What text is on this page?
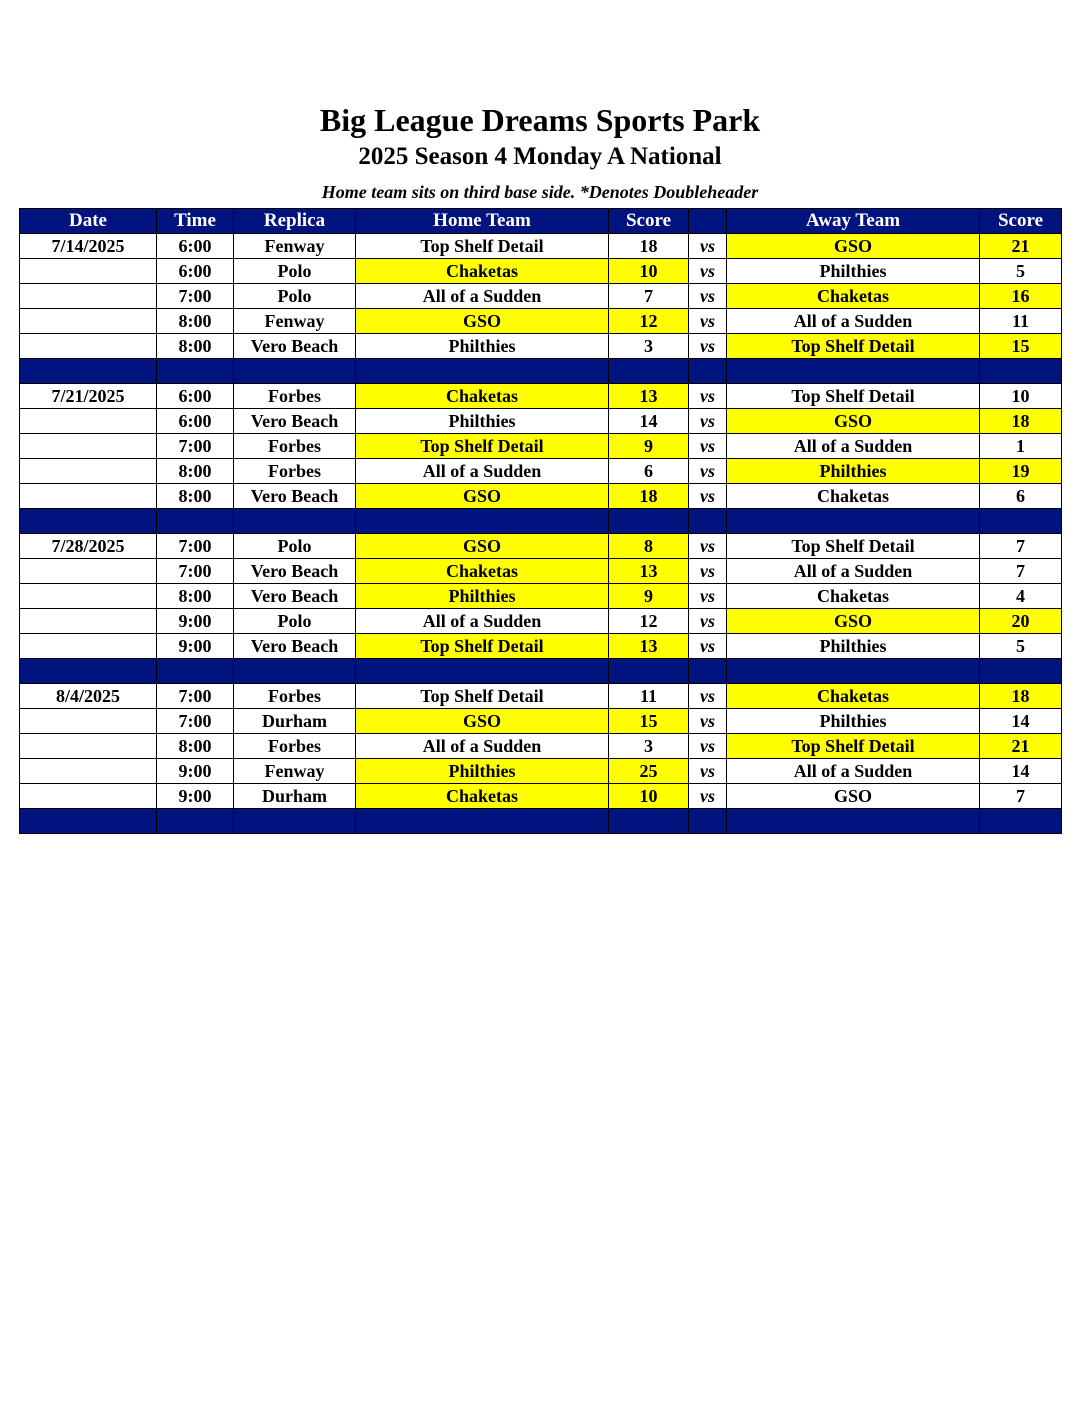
Big League Dreams Sports Park
2025 Season 4 Monday A National
Home team sits on third base side. *Denotes Doubleheader
Date	Time	Replica	Home Team	Score		Away Team	Score
7/14/2025	6:00	Fenway	Top Shelf Detail	18	vs	GSO	21
	6:00	Polo	Chaketas	10	vs	Philthies	5
	7:00	Polo	All of a Sudden	7	vs	Chaketas	16
	8:00	Fenway	GSO	12	vs	All of a Sudden	11
	8:00	Vero Beach	Philthies	3	vs	Top Shelf Detail	15

7/21/2025	6:00	Forbes	Chaketas	13	vs	Top Shelf Detail	10
	6:00	Vero Beach	Philthies	14	vs	GSO	18
	7:00	Forbes	Top Shelf Detail	9	vs	All of a Sudden	1
	8:00	Forbes	All of a Sudden	6	vs	Philthies	19
	8:00	Vero Beach	GSO	18	vs	Chaketas	6

7/28/2025	7:00	Polo	GSO	8	vs	Top Shelf Detail	7
	7:00	Vero Beach	Chaketas	13	vs	All of a Sudden	7
	8:00	Vero Beach	Philthies	9	vs	Chaketas	4
	9:00	Polo	All of a Sudden	12	vs	GSO	20
	9:00	Vero Beach	Top Shelf Detail	13	vs	Philthies	5

8/4/2025	7:00	Forbes	Top Shelf Detail	11	vs	Chaketas	18
	7:00	Durham	GSO	15	vs	Philthies	14
	8:00	Forbes	All of a Sudden	3	vs	Top Shelf Detail	21
	9:00	Fenway	Philthies	25	vs	All of a Sudden	14
	9:00	Durham	Chaketas	10	vs	GSO	7
